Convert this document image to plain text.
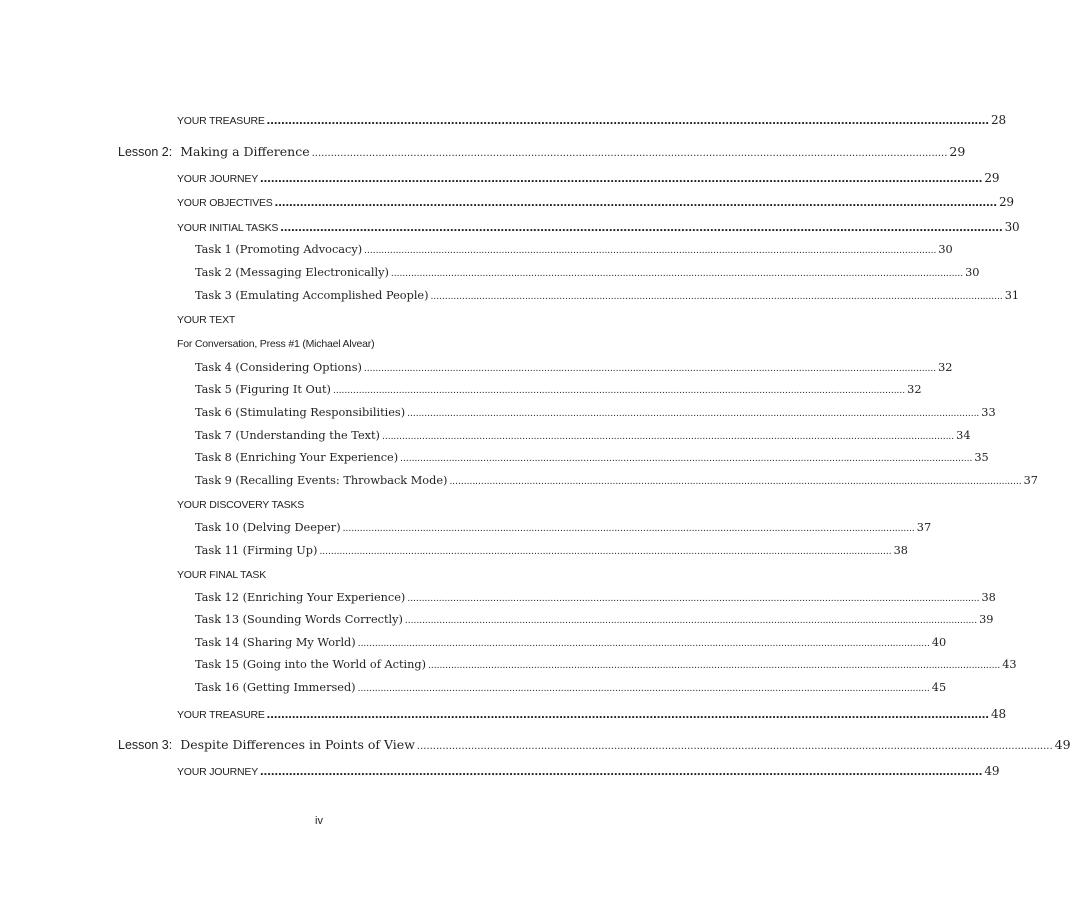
YOUR TREASURE ........................................................................................................................................................................................................ 28
Lesson 2: Making a Difference ........................................................................................................................................................................................................ 29
YOUR JOURNEY ........................................................................................................................................................................................................ 29
YOUR OBJECTIVES ........................................................................................................................................................................................................ 29
YOUR INITIAL TASKS ........................................................................................................................................................................................................ 30
Task 1 (Promoting Advocacy) ........................................................................................................................................................................................................ 30
Task 2 (Messaging Electronically) ........................................................................................................................................................................................................ 30
Task 3 (Emulating Accomplished People) ........................................................................................................................................................................................................ 31
YOUR TEXT
For Conversation, Press #1 (Michael Alvear)
Task 4 (Considering Options) ........................................................................................................................................................................................................ 32
Task 5 (Figuring It Out) ........................................................................................................................................................................................................ 32
Task 6 (Stimulating Responsibilities) ........................................................................................................................................................................................................ 33
Task 7 (Understanding the Text) ........................................................................................................................................................................................................ 34
Task 8 (Enriching Your Experience) ........................................................................................................................................................................................................ 35
Task 9 (Recalling Events: Throwback Mode) ........................................................................................................................................................................................................ 37
YOUR DISCOVERY TASKS
Task 10 (Delving Deeper) ........................................................................................................................................................................................................ 37
Task 11 (Firming Up) ........................................................................................................................................................................................................ 38
YOUR FINAL TASK
Task 12 (Enriching Your Experience) ........................................................................................................................................................................................................ 38
Task 13 (Sounding Words Correctly) ........................................................................................................................................................................................................ 39
Task 14 (Sharing My World) ........................................................................................................................................................................................................ 40
Task 15 (Going into the World of Acting) ........................................................................................................................................................................................................ 43
Task 16 (Getting Immersed) ........................................................................................................................................................................................................ 45
YOUR TREASURE ........................................................................................................................................................................................................ 48
Lesson 3: Despite Differences in Points of View ........................................................................................................................................................................................................ 49
YOUR JOURNEY ........................................................................................................................................................................................................ 49
iv
